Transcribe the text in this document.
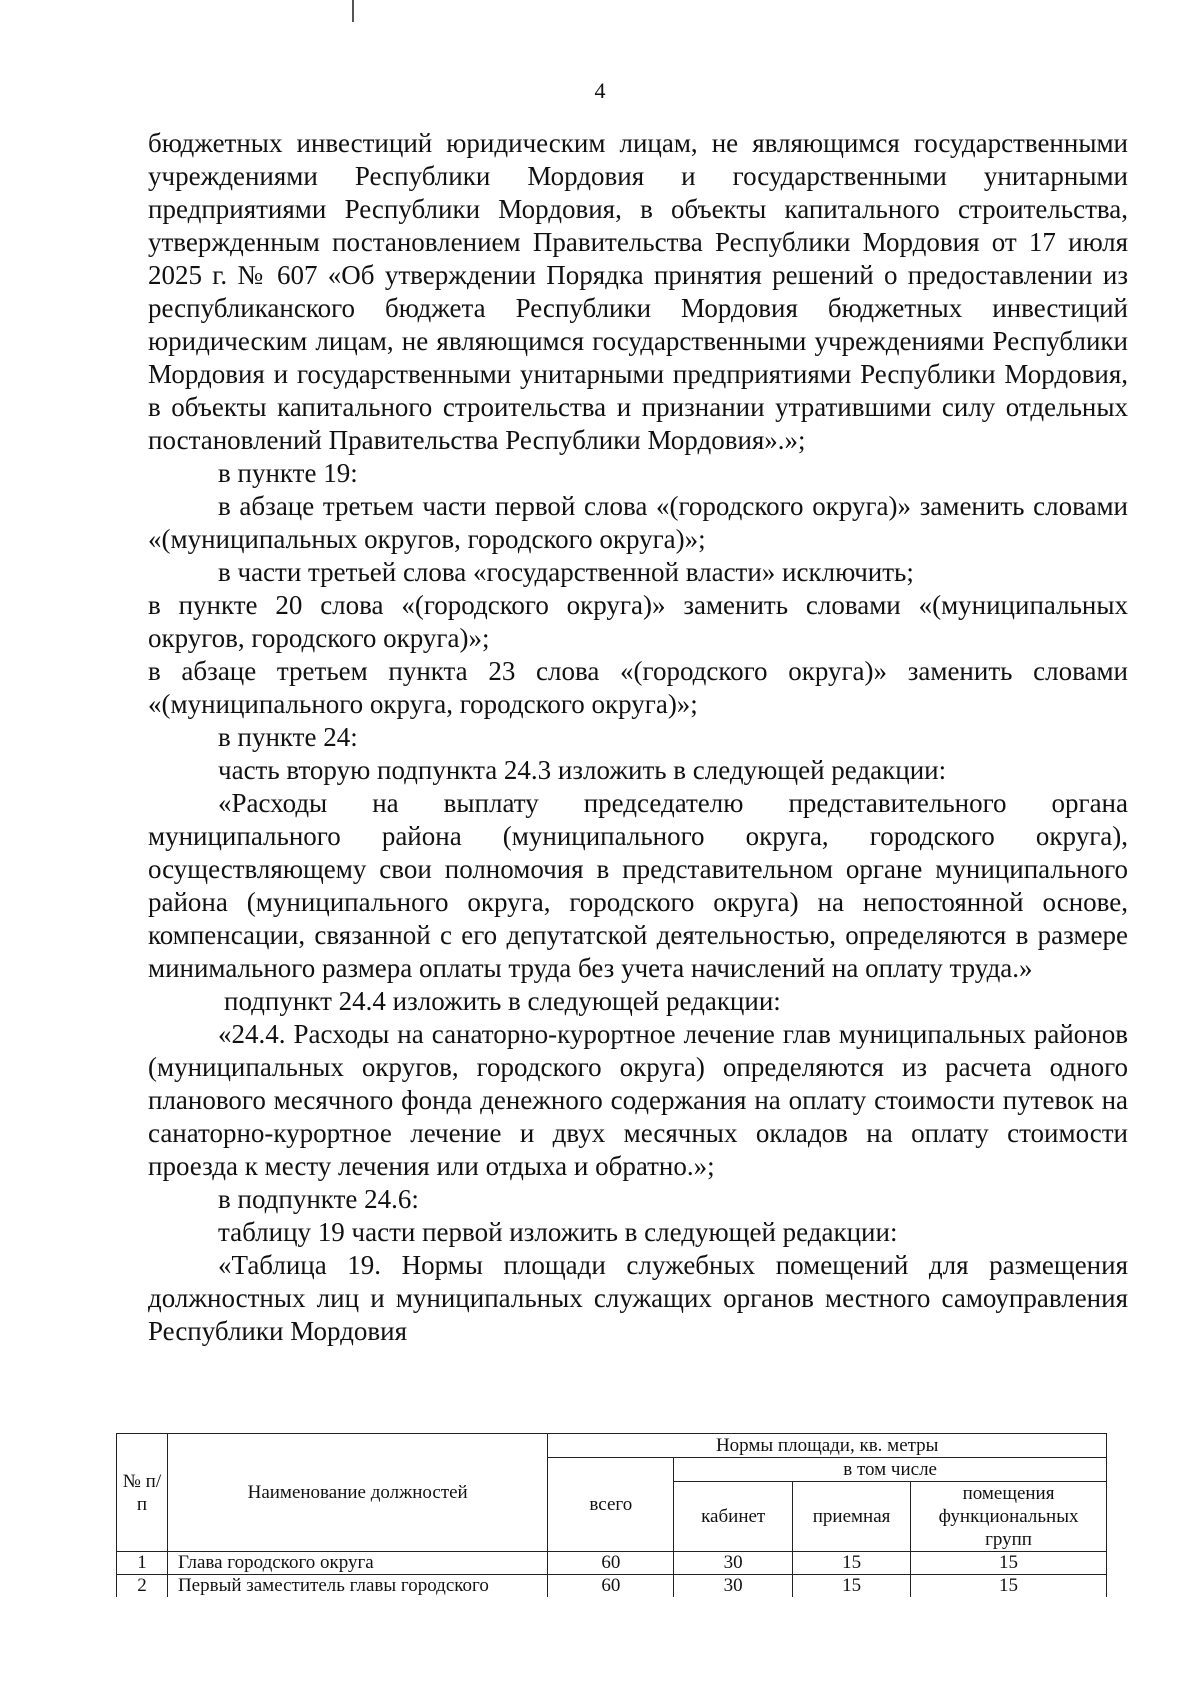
4

бюджетных инвестиций юридическим лицам, не являющимся государственными учреждениями Республики Мордовия и государственными унитарными предприятиями Республики Мордовия, в объекты капитального строительства, утвержденным постановлением Правительства Республики Мордовия от 17 июля 2025 г. № 607 «Об утверждении Порядка принятия решений о предоставлении из республиканского бюджета Республики Мордовия бюджетных инвестиций юридическим лицам, не являющимся государственными учреждениями Республики Мордовия и государственными унитарными предприятиями Республики Мордовия, в объекты капитального строительства и признании утратившими силу отдельных постановлений Правительства Республики Мордовия».»;

в пункте 19:

в абзаце третьем части первой слова «(городского округа)» заменить словами «(муниципальных округов, городского округа)»;

в части третьей слова «государственной власти» исключить;

в пункте 20 слова «(городского округа)» заменить словами «(муниципальных округов, городского округа)»;

в абзаце третьем пункта 23 слова «(городского округа)» заменить словами «(муниципального округа, городского округа)»;

в пункте 24:

часть вторую подпункта 24.3 изложить в следующей редакции:

«Расходы на выплату председателю представительного органа муниципального района (муниципального округа, городского округа), осуществляющему свои полномочия в представительном органе муниципального района (муниципального округа, городского округа) на непостоянной основе, компенсации, связанной с его депутатской деятельностью, определяются в размере минимального размера оплаты труда без учета начислений на оплату труда.»

подпункт 24.4 изложить в следующей редакции:

«24.4. Расходы на санаторно-курортное лечение глав муниципальных районов (муниципальных округов, городского округа) определяются из расчета одного планового месячного фонда денежного содержания на оплату стоимости путевок на санаторно-курортное лечение и двух месячных окладов на оплату стоимости проезда к месту лечения или отдыха и обратно.»;

в подпункте 24.6:

таблицу 19 части первой изложить в следующей редакции:

«Таблица 19. Нормы площади служебных помещений для размещения должностных лиц и муниципальных служащих органов местного самоуправления Республики Мордовия

№ п/п	Наименование должностей	Нормы площади, кв. метры			
		всего	в том числе		
			кабинет	приемная	помещения функциональных групп
1	Глава городского округа	60	30	15	15
2	Первый заместитель главы городского	60	30	15	15
